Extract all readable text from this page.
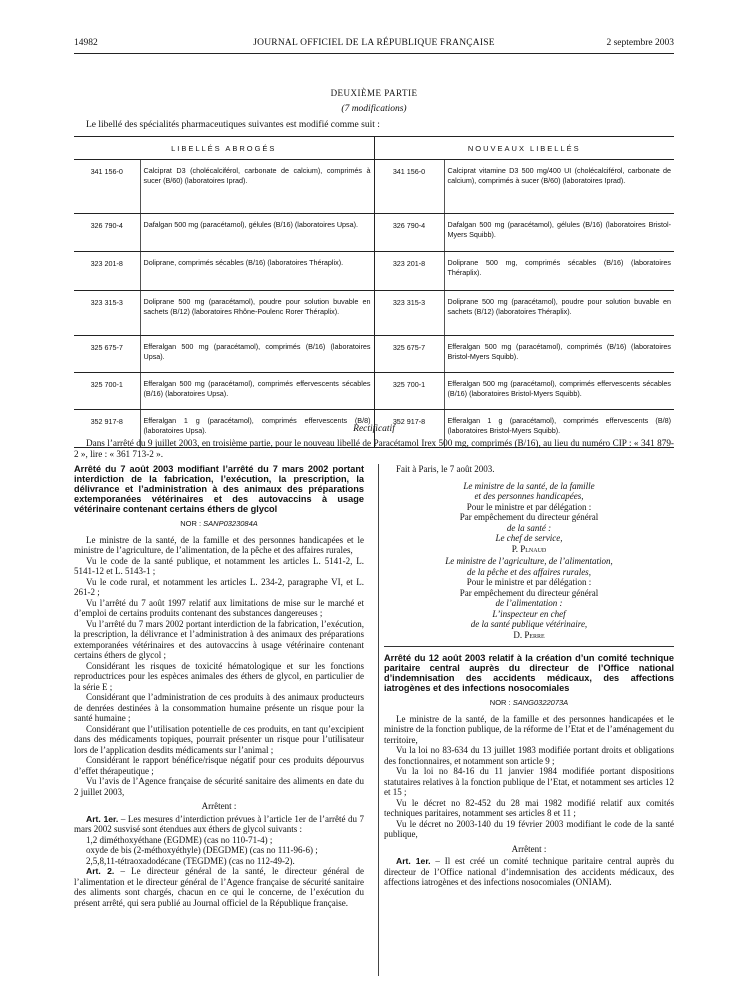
14982	JOURNAL OFFICIEL DE LA RÉPUBLIQUE FRANÇAISE	2 septembre 2003
DEUXIÈME PARTIE
(7 modifications)
Le libellé des spécialités pharmaceutiques suivantes est modifié comme suit :
LIBELLÉS ABROGÉS		NOUVEAUX LIBELLÉS	
341 156-0	Calciprat D3 (cholécalciférol, carbonate de calcium), comprimés à sucer (B/60) (laboratoires Iprad).	341 156-0	Calciprat vitamine D3 500 mg/400 UI (cholécalciférol, carbonate de calcium), comprimés à sucer (B/60) (laboratoires Iprad).
326 790-4	Dafalgan 500 mg (paracétamol), gélules (B/16) (laboratoires Upsa).	326 790-4	Dafalgan 500 mg (paracétamol), gélules (B/16) (laboratoires Bristol-Myers Squibb).
323 201-8	Doliprane, comprimés sécables (B/16) (laboratoires Théraplix).	323 201-8	Doliprane 500 mg, comprimés sécables (B/16) (laboratoires Théraplix).
323 315-3	Doliprane 500 mg (paracétamol), poudre pour solution buvable en sachets (B/12) (laboratoires Rhône-Poulenc Rorer Théraplix).	323 315-3	Doliprane 500 mg (paracétamol), poudre pour solution buvable en sachets (B/12) (laboratoires Théraplix).
325 675-7	Efferalgan 500 mg (paracétamol), comprimés (B/16) (laboratoires Upsa).	325 675-7	Efferalgan 500 mg (paracétamol), comprimés (B/16) (laboratoires Bristol-Myers Squibb).
325 700-1	Efferalgan 500 mg (paracétamol), comprimés effervescents sécables (B/16) (laboratoires Upsa).	325 700-1	Efferalgan 500 mg (paracétamol), comprimés effervescents sécables (B/16) (laboratoires Bristol-Myers Squibb).
352 917-8	Efferalgan 1 g (paracétamol), comprimés effervescents (B/8) (laboratoires Upsa).	352 917-8	Efferalgan 1 g (paracétamol), comprimés effervescents (B/8) (laboratoires Bristol-Myers Squibb).
Rectificatif
Dans l’arrêté du 9 juillet 2003, en troisième partie, pour le nouveau libellé de Paracétamol Irex 500 mg, comprimés (B/16), au lieu du numéro CIP : « 341 879-2 », lire : « 361 713-2 ».
Arrêté du 7 août 2003 modifiant l’arrêté du 7 mars 2002 portant interdiction de la fabrication, l’exécution, la prescription, la délivrance et l’administration à des animaux des préparations extemporanées vétérinaires et des autovaccins à usage vétérinaire contenant certains éthers de glycol
NOR : SANP0323084A

Le ministre de la santé, de la famille et des personnes handicapées et le ministre de l’agriculture, de l’alimentation, de la pêche et des affaires rurales,

Vu le code de la santé publique, et notamment les articles L. 5141-2, L. 5141-12 et L. 5143-1 ;

Vu le code rural, et notamment les articles L. 234-2, paragraphe VI, et L. 261-2 ;

Vu l’arrêté du 7 août 1997 relatif aux limitations de mise sur le marché et d’emploi de certains produits contenant des substances dangereuses ;

Vu l’arrêté du 7 mars 2002 portant interdiction de la fabrication, l’exécution, la prescription, la délivrance et l’administration à des animaux des préparations extemporanées vétérinaires et des autovaccins à usage vétérinaire contenant certains éthers de glycol ;

Considérant les risques de toxicité hématologique et sur les fonctions reproductrices pour les espèces animales des éthers de glycol, en particulier de la série E ;

Considérant que l’administration de ces produits à des animaux producteurs de denrées destinées à la consommation humaine présente un risque pour la santé humaine ;

Considérant que l’utilisation potentielle de ces produits, en tant qu’excipient dans des médicaments topiques, pourrait présenter un risque pour l’utilisateur lors de l’application desdits médicaments sur l’animal ;

Considérant le rapport bénéfice/risque négatif pour ces produits dépourvus d’effet thérapeutique ;

Vu l’avis de l’Agence française de sécurité sanitaire des aliments en date du 2 juillet 2003,

Arrêtent :

Art. 1er. – Les mesures d’interdiction prévues à l’article 1er de l’arrêté du 7 mars 2002 susvisé sont étendues aux éthers de glycol suivants :

1,2 diméthoxyéthane (EGDME) (cas no 110-71-4) ;

oxyde de bis (2-méthoxyéthyle) (DEGDME) (cas no 111-96-6) ;

2,5,8,11-tétraoxadodécane (TEGDME) (cas no 112-49-2).

Art. 2. – Le directeur général de la santé, le directeur général de l’alimentation et le directeur général de l’Agence française de sécurité sanitaire des aliments sont chargés, chacun en ce qui le concerne, de l’exécution du présent arrêté, qui sera publié au Journal officiel de la République française.

Fait à Paris, le 7 août 2003.

Le ministre de la santé, de la famille

et des personnes handicapées,

Pour le ministre et par délégation :

Par empêchement du directeur général

de la santé :

Le chef de service,

P. Plnaud

Le ministre de l’agriculture, de l’alimentation,

de la pêche et des affaires rurales,

Pour le ministre et par délégation :

Par empêchement du directeur général

de l’alimentation :

L’inspecteur en chef

de la santé publique vétérinaire,

D. Perre

Arrêté du 12 août 2003 relatif à la création d’un comité technique paritaire central auprès du directeur de l’Office national d’indemnisation des accidents médicaux, des affections iatrogènes et des infections nosocomiales
NOR : SANG0322073A

Le ministre de la santé, de la famille et des personnes handicapées et le ministre de la fonction publique, de la réforme de l’Etat et de l’aménagement du territoire,

Vu la loi no 83-634 du 13 juillet 1983 modifiée portant droits et obligations des fonctionnaires, et notamment son article 9 ;

Vu la loi no 84-16 du 11 janvier 1984 modifiée portant dispositions statutaires relatives à la fonction publique de l’Etat, et notamment ses articles 12 et 15 ;

Vu le décret no 82-452 du 28 mai 1982 modifié relatif aux comités techniques paritaires, notamment ses articles 8 et 11 ;

Vu le décret no 2003-140 du 19 février 2003 modifiant le code de la santé publique,

Arrêtent :

Art. 1er. – Il est créé un comité technique paritaire central auprès du directeur de l’Office national d’indemnisation des accidents médicaux, des affections iatrogènes et des infections nosocomiales (ONIAM).
